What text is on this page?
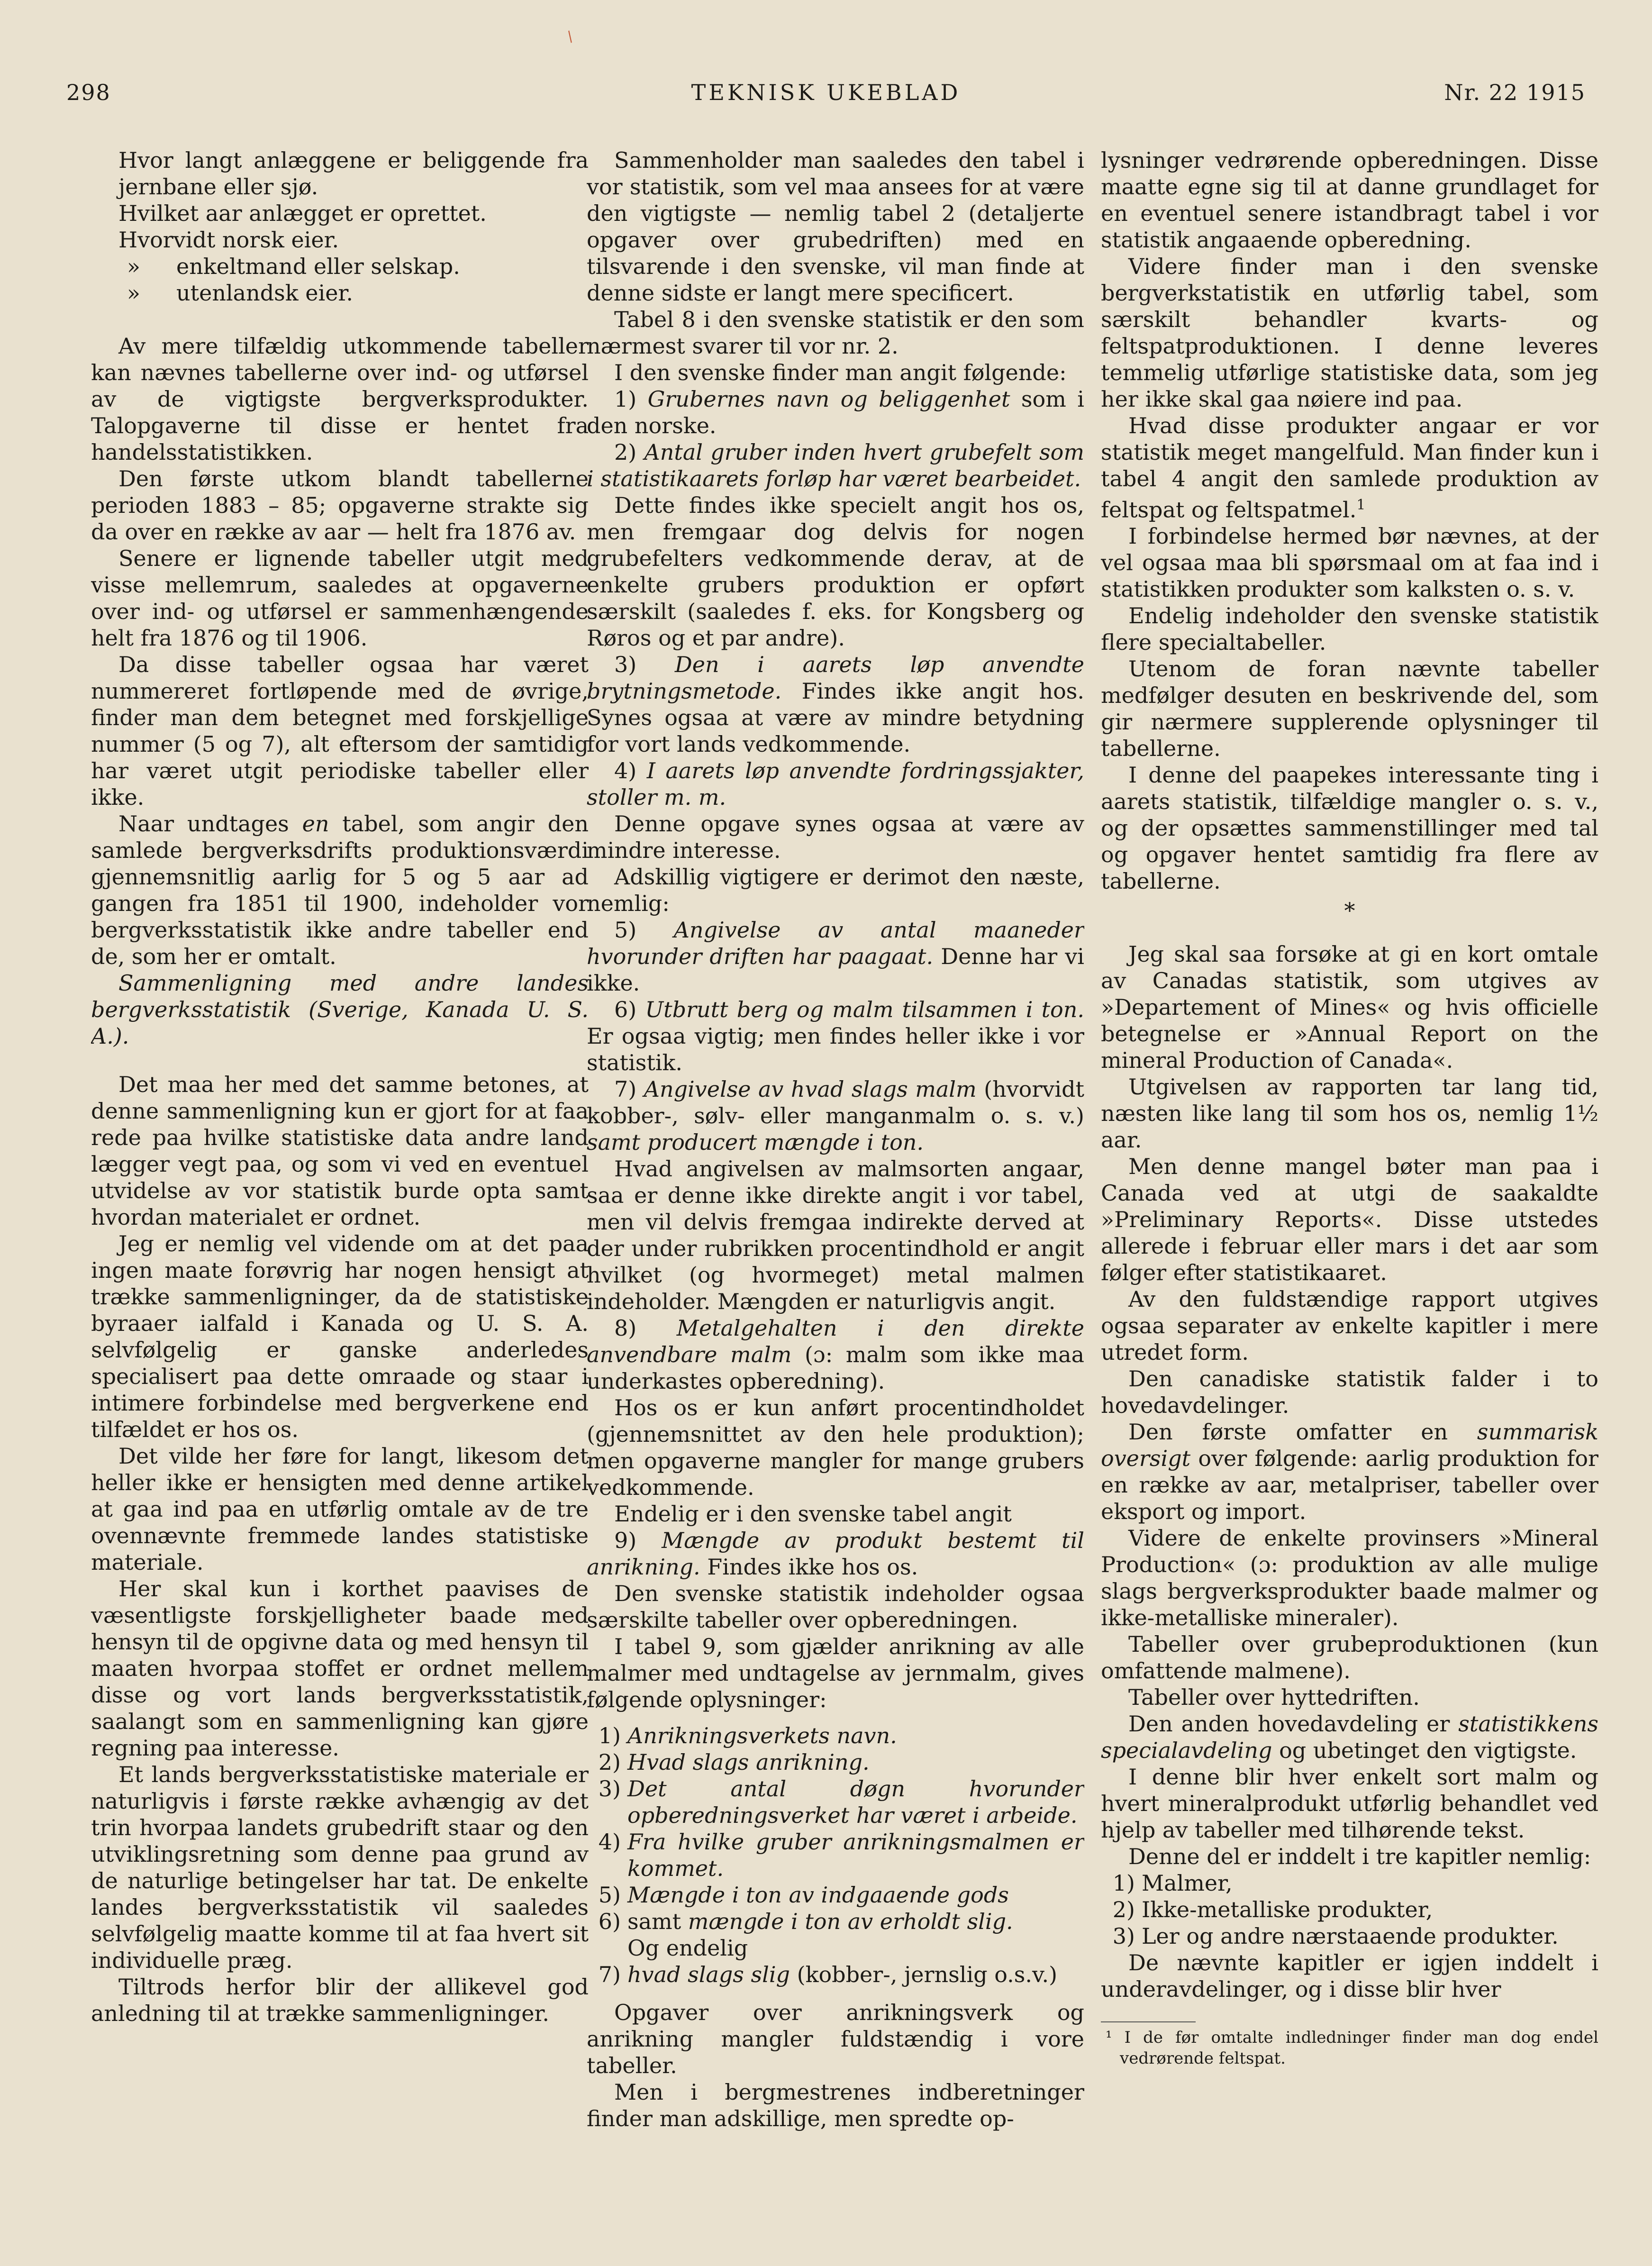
/
298	TEKNISK UKEBLAD	Nr. 22 1915

Hvor langt anlæggene er beliggende fra jernbane eller sjø.

Hvilket aar anlægget er oprettet.

Hvorvidt norsk eier.

»	enkeltmand eller selskap.
»	utenlandsk eier.

Av mere tilfældig utkommende tabeller kan nævnes tabellerne over ind- og utførsel av de vigtigste bergverksprodukter. Talopgaverne til disse er hentet fra handelsstatistikken.

Den første utkom blandt tabellerne perioden 1883 – 85; opgaverne strakte sig da over en række av aar — helt fra 1876 av.

Senere er lignende tabeller utgit med visse mellemrum, saaledes at opgaverne over ind- og utførsel er sammenhængende helt fra 1876 og til 1906.

Da disse tabeller ogsaa har været nummereret fortløpende med de øvrige, finder man dem betegnet med forskjellige nummer (5 og 7), alt eftersom der samtidig har været utgit periodiske tabeller eller ikke.

Naar undtages en tabel, som angir den samlede bergverksdrifts produktionsværdi gjennemsnitlig aarlig for 5 og 5 aar ad gangen fra 1851 til 1900, indeholder vor bergverksstatistik ikke andre tabeller end de, som her er omtalt.

Sammenligning med andre landes bergverksstatistik (Sverige, Kanada U. S. A.).

Det maa her med det samme betones, at denne sammenligning kun er gjort for at faa rede paa hvilke statistiske data andre land lægger vegt paa, og som vi ved en eventuel utvidelse av vor statistik burde opta samt hvordan materialet er ordnet.

Jeg er nemlig vel vidende om at det paa ingen maate forøvrig har nogen hensigt at trække sammenligninger, da de statistiske byraaer ialfald i Kanada og U. S. A. selvfølgelig er ganske anderledes specialisert paa dette omraade og staar i intimere forbindelse med bergverkene end tilfældet er hos os.

Det vilde her føre for langt, likesom det heller ikke er hensigten med denne artikel at gaa ind paa en utførlig omtale av de tre ovennævnte fremmede landes statistiske materiale.

Her skal kun i korthet paavises de væsentligste forskjelligheter baade med hensyn til de opgivne data og med hensyn til maaten hvorpaa stoffet er ordnet mellem disse og vort lands bergverksstatistik, saalangt som en sammenligning kan gjøre regning paa interesse.

Et lands bergverksstatistiske materiale er naturligvis i første række avhængig av det trin hvorpaa landets grubedrift staar og den utviklingsretning som denne paa grund av de naturlige betingelser har tat. De enkelte landes bergverksstatistik vil saaledes selvfølgelig maatte komme til at faa hvert sit individuelle præg.

Tiltrods herfor blir der allikevel god anledning til at trække sammenligninger.

Sammenholder man saaledes den tabel i vor statistik, som vel maa ansees for at være den vigtigste — nemlig tabel 2 (detaljerte opgaver over grubedriften) med en tilsvarende i den svenske, vil man finde at denne sidste er langt mere specificert.

Tabel 8 i den svenske statistik er den som nærmest svarer til vor nr. 2.

I den svenske finder man angit følgende:

1) Grubernes navn og beliggenhet som i den norske.

2) Antal gruber inden hvert grubefelt som i statistikaarets forløp har været bearbeidet.

Dette findes ikke specielt angit hos os, men fremgaar dog delvis for nogen grubefelters vedkommende derav, at de enkelte grubers produktion er opført særskilt (saaledes f. eks. for Kongsberg og Røros og et par andre).

3) Den i aarets løp anvendte brytningsmetode. Findes ikke angit hos. Synes ogsaa at være av mindre betydning for vort lands vedkommende.

4) I aarets løp anvendte fordringssjakter, stoller m. m.

Denne opgave synes ogsaa at være av mindre interesse.

Adskillig vigtigere er derimot den næste, nemlig:

5) Angivelse av antal maaneder hvorunder driften har paagaat. Denne har vi ikke.

6) Utbrutt berg og malm tilsammen i ton. Er ogsaa vigtig; men findes heller ikke i vor statistik.

7) Angivelse av hvad slags malm (hvorvidt kobber-, sølv- eller manganmalm o. s. v.) samt producert mængde i ton.

Hvad angivelsen av malmsorten angaar, saa er denne ikke direkte angit i vor tabel, men vil delvis fremgaa indirekte derved at der under rubrikken procentindhold er angit hvilket (og hvormeget) metal malmen indeholder. Mængden er naturligvis angit.

8) Metalgehalten i den direkte anvendbare malm (ɔ: malm som ikke maa underkastes opberedning).

Hos os er kun anført procentindholdet (gjennemsnittet av den hele produktion); men opgaverne mangler for mange grubers vedkommende.

Endelig er i den svenske tabel angit

9) Mængde av produkt bestemt til anrikning. Findes ikke hos os.

Den svenske statistik indeholder ogsaa særskilte tabeller over opberedningen.

I tabel 9, som gjælder anrikning av alle malmer med undtagelse av jernmalm, gives følgende oplysninger:

1) Anrikningsverkets navn.
2) Hvad slags anrikning.
3) Det antal døgn hvorunder opberedningsverket har været i arbeide.
4) Fra hvilke gruber anrikningsmalmen er kommet.
5) Mængde i ton av indgaaende gods
6) samt mængde i ton av erholdt slig.
Og endelig
7) hvad slags slig (kobber-, jernslig o.s.v.)

Opgaver over anrikningsverk og anrikning mangler fuldstændig i vore tabeller.

Men i bergmestrenes indberetninger finder man adskillige, men spredte op-

lysninger vedrørende opberedningen. Disse maatte egne sig til at danne grundlaget for en eventuel senere istandbragt tabel i vor statistik angaaende opberedning.

Videre finder man i den svenske bergverkstatistik en utførlig tabel, som særskilt behandler kvarts- og feltspatproduktionen. I denne leveres temmelig utførlige statistiske data, som jeg her ikke skal gaa nøiere ind paa.

Hvad disse produkter angaar er vor statistik meget mangelfuld. Man finder kun i tabel 4 angit den samlede produktion av feltspat og feltspatmel.$^1$

I forbindelse hermed bør nævnes, at der vel ogsaa maa bli spørsmaal om at faa ind i statistikken produkter som kalksten o. s. v.

Endelig indeholder den svenske statistik flere specialtabeller.

Utenom de foran nævnte tabeller medfølger desuten en beskrivende del, som gir nærmere supplerende oplysninger til tabellerne.

I denne del paapekes interessante ting i aarets statistik, tilfældige mangler o. s. v., og der opsættes sammenstillinger med tal og opgaver hentet samtidig fra flere av tabellerne.

*

Jeg skal saa forsøke at gi en kort omtale av Canadas statistik, som utgives av »Departement of Mines« og hvis officielle betegnelse er »Annual Report on the mineral Production of Canada«.

Utgivelsen av rapporten tar lang tid, næsten like lang til som hos os, nemlig 1½ aar.

Men denne mangel bøter man paa i Canada ved at utgi de saakaldte »Preliminary Reports«. Disse utstedes allerede i februar eller mars i det aar som følger efter statistikaaret.

Av den fuldstændige rapport utgives ogsaa separater av enkelte kapitler i mere utredet form.

Den canadiske statistik falder i to hovedavdelinger.

Den første omfatter en summarisk oversigt over følgende: aarlig produktion for en række av aar, metalpriser, tabeller over eksport og import.

Videre de enkelte provinsers »Mineral Production« (ɔ: produktion av alle mulige slags bergverksprodukter baade malmer og ikke-metalliske mineraler).

Tabeller over grubeproduktionen (kun omfattende malmene).

Tabeller over hyttedriften.

Den anden hovedavdeling er statistikkens specialavdeling og ubetinget den vigtigste.

I denne blir hver enkelt sort malm og hvert mineralprodukt utførlig behandlet ved hjelp av tabeller med tilhørende tekst.

Denne del er inddelt i tre kapitler nemlig:

1) Malmer,
2) Ikke-metalliske produkter,
3) Ler og andre nærstaaende produkter.

De nævnte kapitler er igjen inddelt i underavdelinger, og i disse blir hver

¹ I de før omtalte indledninger finder man dog endel vedrørende feltspat.
